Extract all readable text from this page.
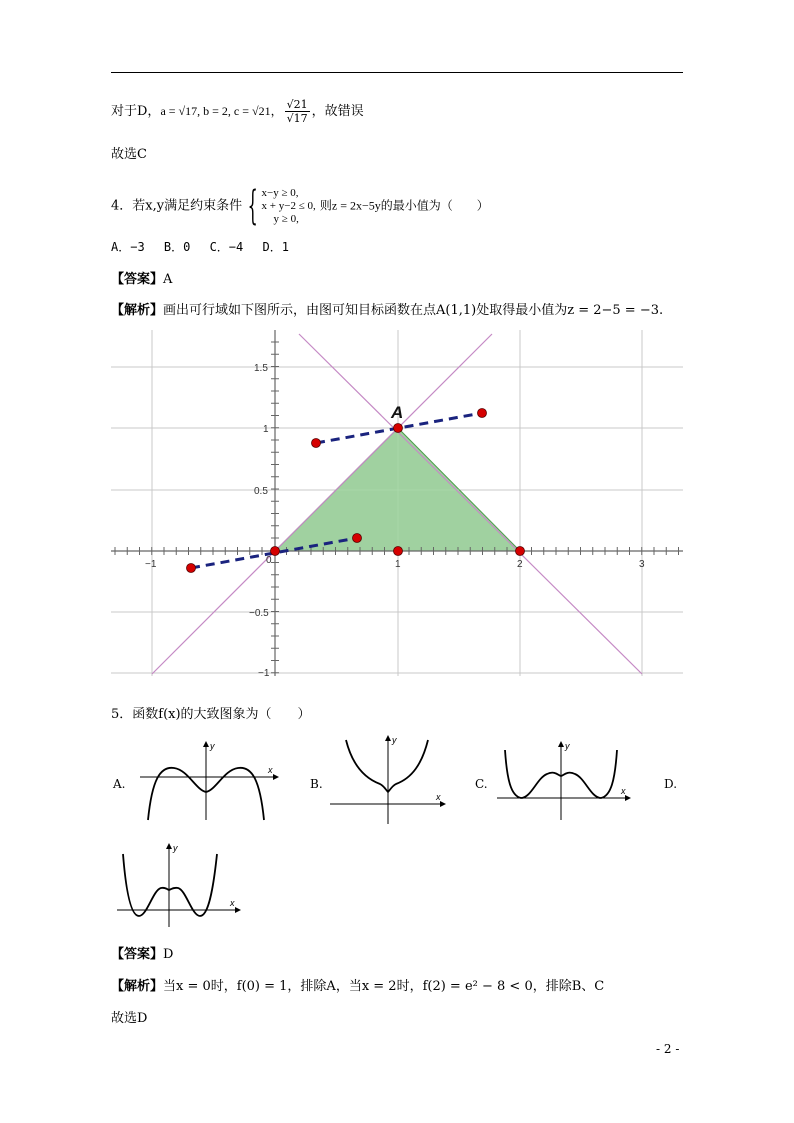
对于D，a = √17, b = 2, c = √21， $\frac{√21}{√17}$ ，故错误
故选C
4．若x,y满足约束条件 { x−y ≥ 0,
x + y−2 ≤ 0,
y ≥ 0,
则z = 2x−5y的最小值为（　　）
A．−3　 B．0　 C．−4　 D．1
【答案】A
【解析】画出可行域如下图所示，由图可知目标函数在点A(1,1)处取得最小值为z = 2−5 = −3.
−1	1	2	3
0
1.5
1
0.5
−0.5
−1
A
5．函数f(x)的大致图象为（　　）
A.
y
x
B.
y
x
C.
y
x	D.
y
x
【答案】D
【解析】当x = 0时，f(0) = 1，排除A，当x = 2时，f(2) = e² − 8 < 0，排除B、C
故选D
- 2 -
